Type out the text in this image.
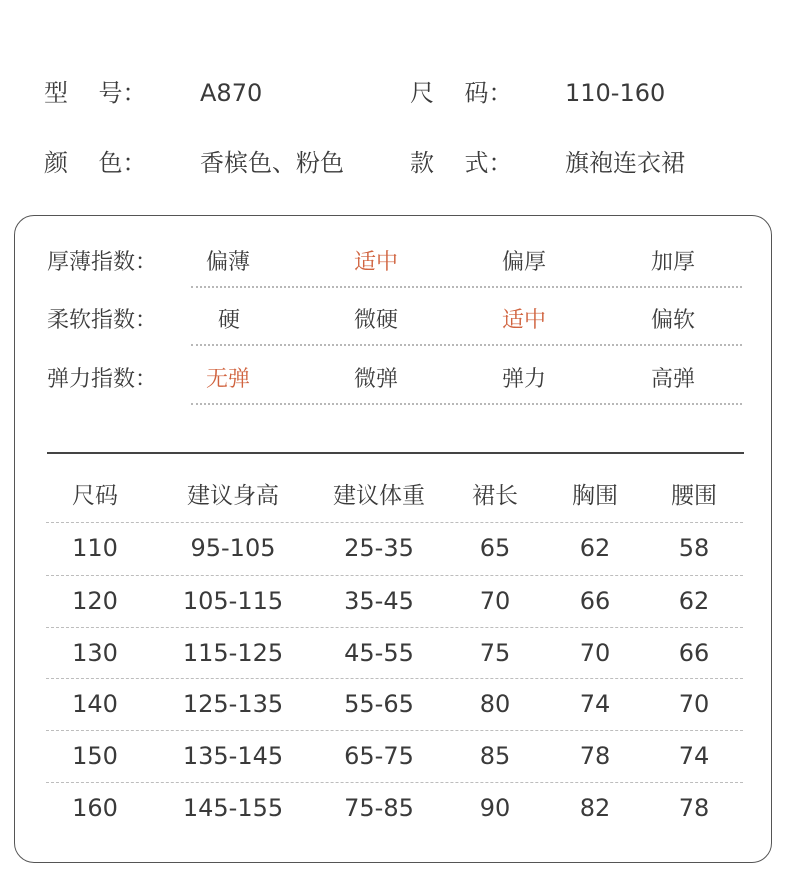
型    号： A870	尺    码： 110-160
颜    色： 香槟色、粉色	款    式： 旗袍连衣裙
厚薄指数： 偏薄	适中	偏厚	加厚
柔软指数：	硬	微硬	适中	偏软
弹力指数： 无弹	微弹	弹力	高弹
尺码	建议身高	建议体重	裙长	胸围	腰围
110	95-105	25-35	65	62	58
120	105-115	35-45	70	66	62
130	115-125	45-55	75	70	66
140	125-135	55-65	80	74	70
150	135-145	65-75	85	78	74
160	145-155	75-85	90	82	78
